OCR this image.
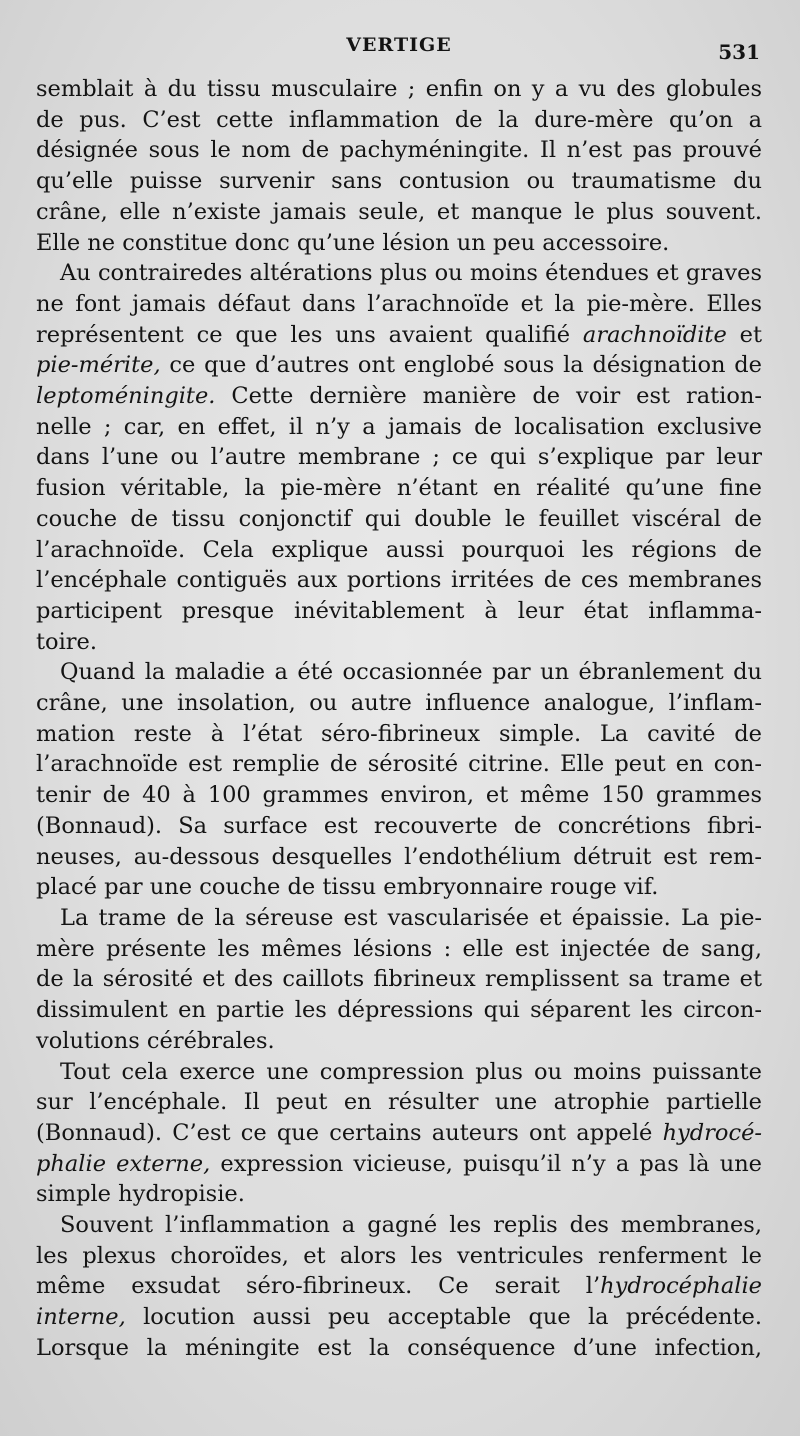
VERTIGE	531
semblait à du tissu musculaire ; enfin on y a vu des globules
de pus. C’est cette inflammation de la dure-mère qu’on a
désignée sous le nom de pachyméningite. Il n’est pas prouvé
qu’elle puisse survenir sans contusion ou traumatisme du
crâne, elle n’existe jamais seule, et manque le plus souvent.
Elle ne constitue donc qu’une lésion un peu accessoire.
Au contrairedes altérations plus ou moins étendues et graves
ne font jamais défaut dans l’arachnoïde et la pie-mère. Elles
représentent ce que les uns avaient qualifié arachnoïdite et
pie-mérite, ce que d’autres ont englobé sous la désignation de
leptoméningite. Cette dernière manière de voir est ration-
nelle ; car, en effet, il n’y a jamais de localisation exclusive
dans l’une ou l’autre membrane ; ce qui s’explique par leur
fusion véritable, la pie-mère n’étant en réalité qu’une fine
couche de tissu conjonctif qui double le feuillet viscéral de
l’arachnoïde. Cela explique aussi pourquoi les régions de
l’encéphale contiguës aux portions irritées de ces membranes
participent presque inévitablement à leur état inflamma-
toire.
Quand la maladie a été occasionnée par un ébranlement du
crâne, une insolation, ou autre influence analogue, l’inflam-
mation reste à l’état séro-fibrineux simple. La cavité de
l’arachnoïde est remplie de sérosité citrine. Elle peut en con-
tenir de 40 à 100 grammes environ, et même 150 grammes
(Bonnaud). Sa surface est recouverte de concrétions fibri-
neuses, au-dessous desquelles l’endothélium détruit est rem-
placé par une couche de tissu embryonnaire rouge vif.
La trame de la séreuse est vascularisée et épaissie. La pie-
mère présente les mêmes lésions : elle est injectée de sang,
de la sérosité et des caillots fibrineux remplissent sa trame et
dissimulent en partie les dépressions qui séparent les circon-
volutions cérébrales.
Tout cela exerce une compression plus ou moins puissante
sur l’encéphale. Il peut en résulter une atrophie partielle
(Bonnaud). C’est ce que certains auteurs ont appelé hydrocé-
phalie externe, expression vicieuse, puisqu’il n’y a pas là une
simple hydropisie.
Souvent l’inflammation a gagné les replis des membranes,
les plexus choroïdes, et alors les ventricules renferment le
même exsudat séro-fibrineux. Ce serait l’hydrocéphalie
interne, locution aussi peu acceptable que la précédente.
Lorsque la méningite est la conséquence d’une infection,
